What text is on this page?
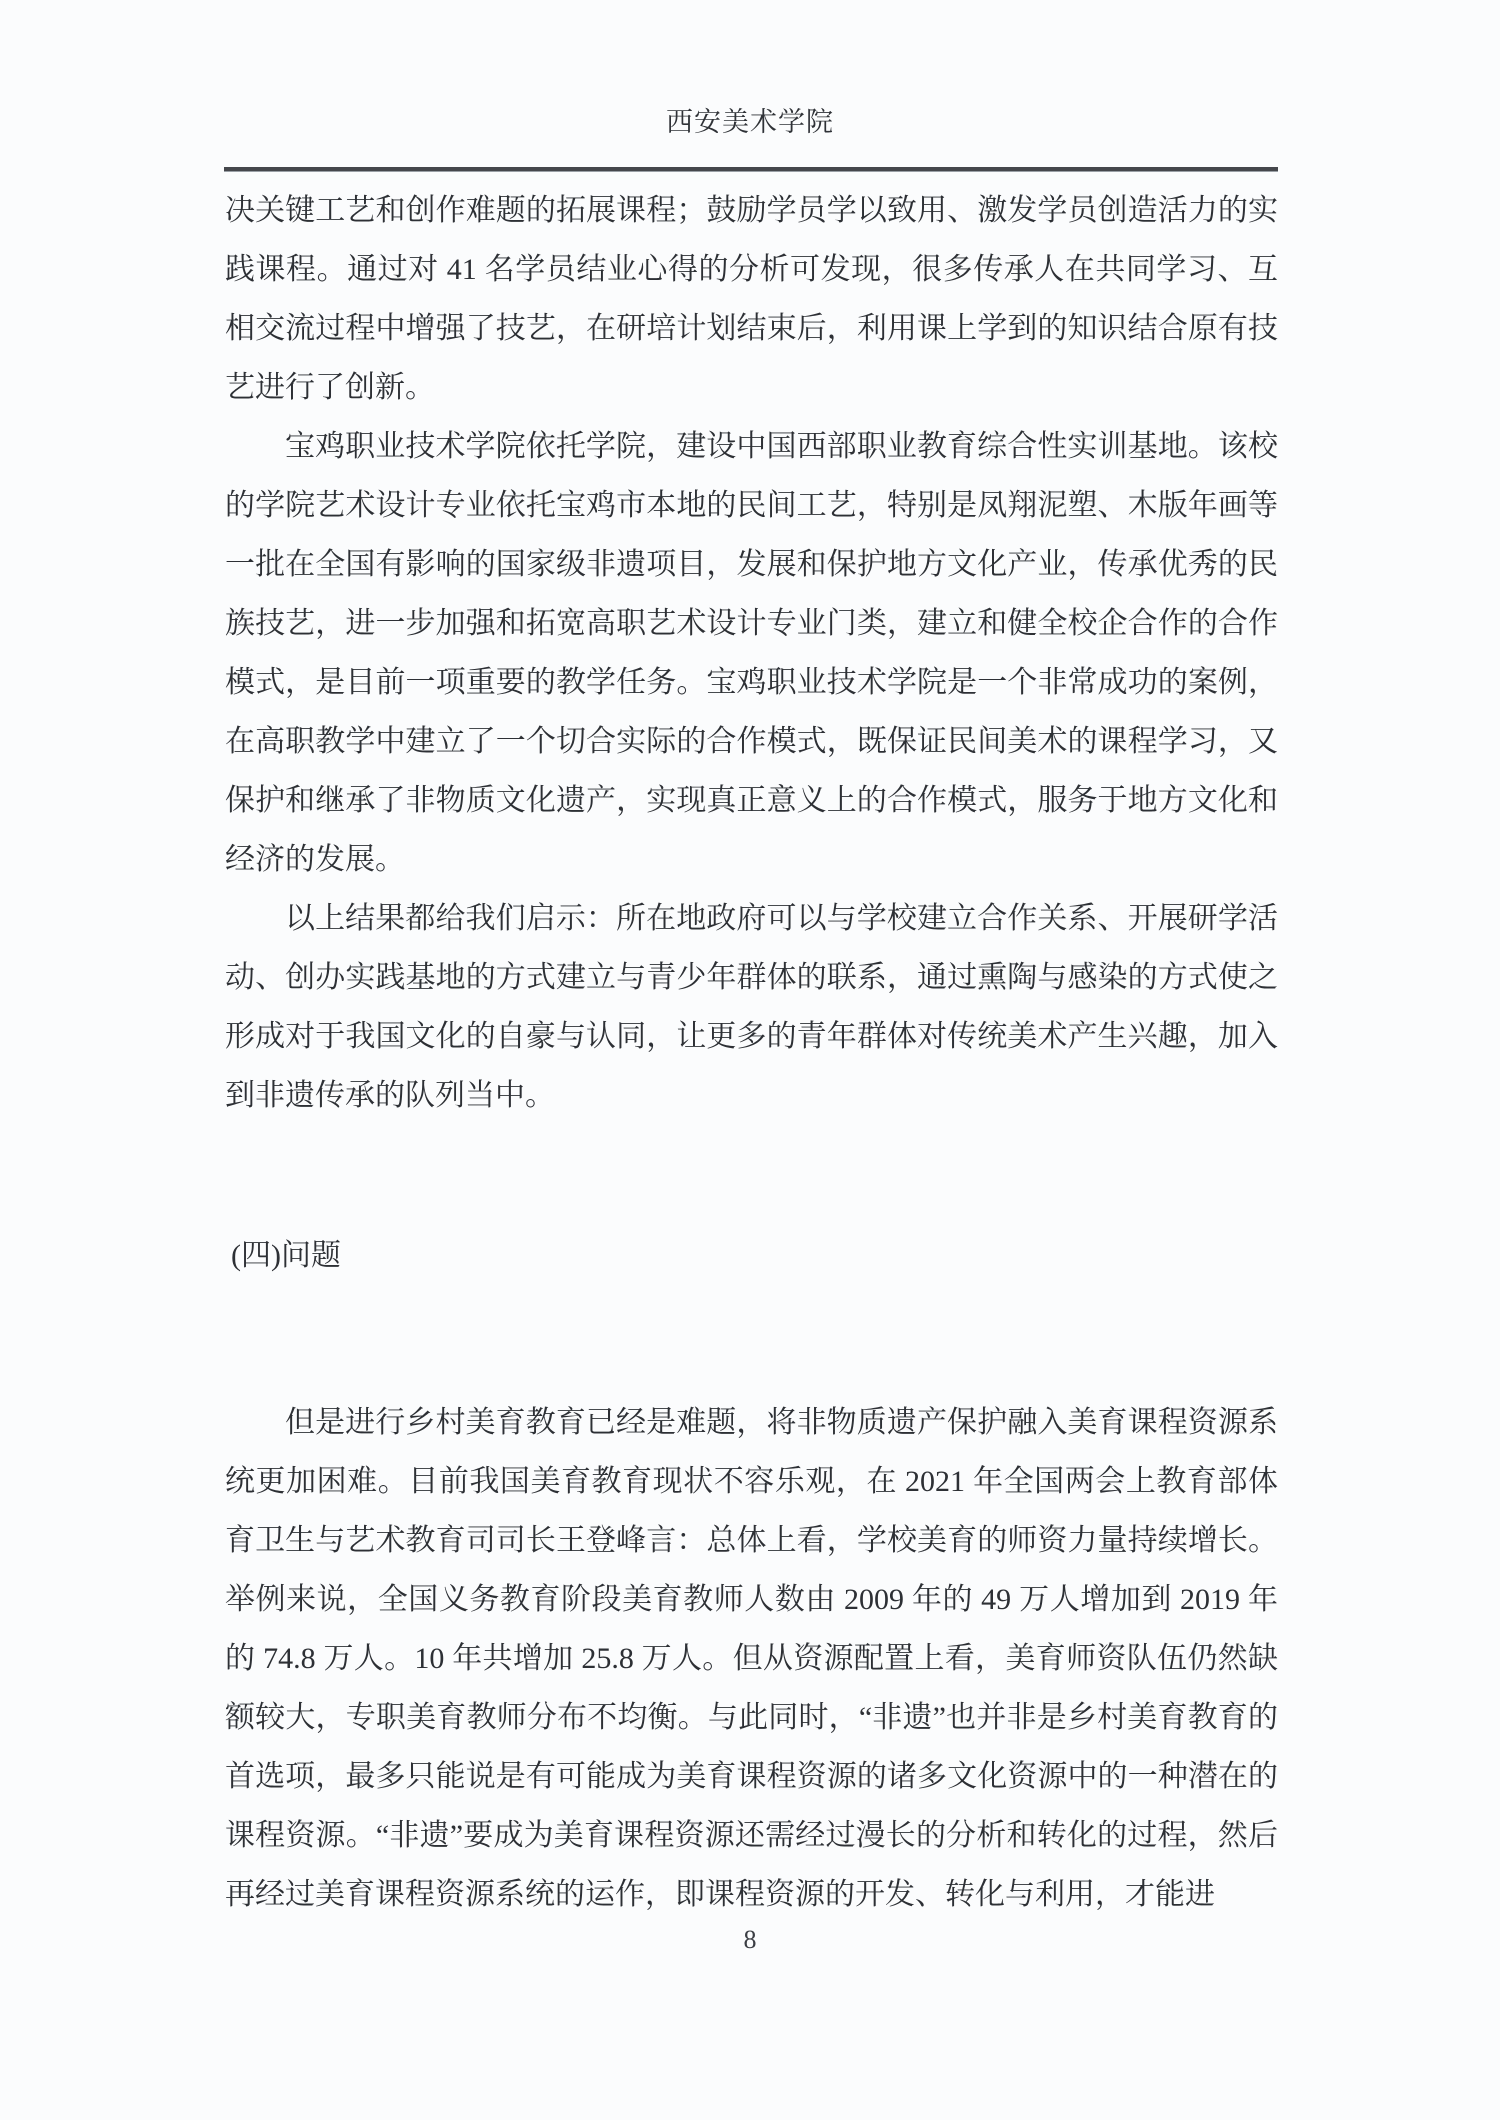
西安美术学院
决关键工艺和创作难题的拓展课程；鼓励学员学以致用、激发学员创造活力的实践课程。通过对 41 名学员结业心得的分析可发现，很多传承人在共同学习、互相交流过程中增强了技艺，在研培计划结束后，利用课上学到的知识结合原有技艺进行了创新。
宝鸡职业技术学院依托学院，建设中国西部职业教育综合性实训基地。该校的学院艺术设计专业依托宝鸡市本地的民间工艺，特别是凤翔泥塑、木版年画等一批在全国有影响的国家级非遗项目，发展和保护地方文化产业，传承优秀的民族技艺，进一步加强和拓宽高职艺术设计专业门类，建立和健全校企合作的合作模式，是目前一项重要的教学任务。宝鸡职业技术学院是一个非常成功的案例，在高职教学中建立了一个切合实际的合作模式，既保证民间美术的课程学习，又保护和继承了非物质文化遗产，实现真正意义上的合作模式，服务于地方文化和经济的发展。
以上结果都给我们启示：所在地政府可以与学校建立合作关系、开展研学活动、创办实践基地的方式建立与青少年群体的联系，通过熏陶与感染的方式使之形成对于我国文化的自豪与认同，让更多的青年群体对传统美术产生兴趣，加入到非遗传承的队列当中。
(四)问题
但是进行乡村美育教育已经是难题，将非物质遗产保护融入美育课程资源系统更加困难。目前我国美育教育现状不容乐观，在 2021 年全国两会上教育部体育卫生与艺术教育司司长王登峰言：总体上看，学校美育的师资力量持续增长。举例来说，全国义务教育阶段美育教师人数由 2009 年的 49 万人增加到 2019 年的 74.8 万人。10 年共增加 25.8 万人。但从资源配置上看，美育师资队伍仍然缺额较大，专职美育教师分布不均衡。与此同时，“非遗”也并非是乡村美育教育的首选项，最多只能说是有可能成为美育课程资源的诸多文化资源中的一种潜在的课程资源。“非遗”要成为美育课程资源还需经过漫长的分析和转化的过程，然后再经过美育课程资源系统的运作，即课程资源的开发、转化与利用，才能进
8
